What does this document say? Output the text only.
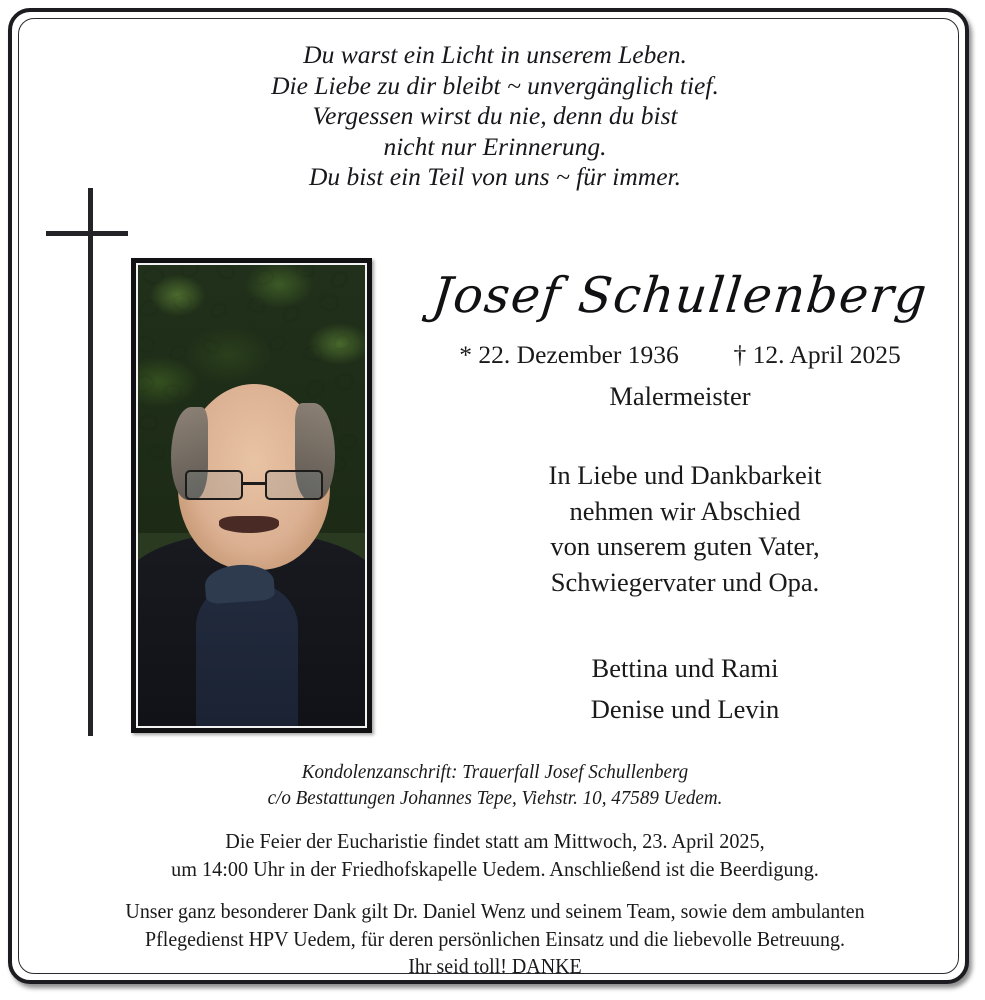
Du warst ein Licht in unserem Leben.
Die Liebe zu dir bleibt ~ unvergänglich tief.
Vergessen wirst du nie, denn du bist
nicht nur Erinnerung.
Du bist ein Teil von uns ~ für immer.
Josef Schullenberg
* 22. Dezember 1936 † 12. April 2025
Malermeister
In Liebe und Dankbarkeit
nehmen wir Abschied
von unserem guten Vater,
Schwiegervater und Opa.
Bettina und Rami
Denise und Levin
Kondolenzanschrift: Trauerfall Josef Schullenberg
c/o Bestattungen Johannes Tepe, Viehstr. 10, 47589 Uedem.
Die Feier der Eucharistie findet statt am Mittwoch, 23. April 2025,
um 14:00 Uhr in der Friedhofskapelle Uedem. Anschließend ist die Beerdigung.
Unser ganz besonderer Dank gilt Dr. Daniel Wenz und seinem Team, sowie dem ambulanten
Pflegedienst HPV Uedem, für deren persönlichen Einsatz und die liebevolle Betreuung.
Ihr seid toll! DANKE
